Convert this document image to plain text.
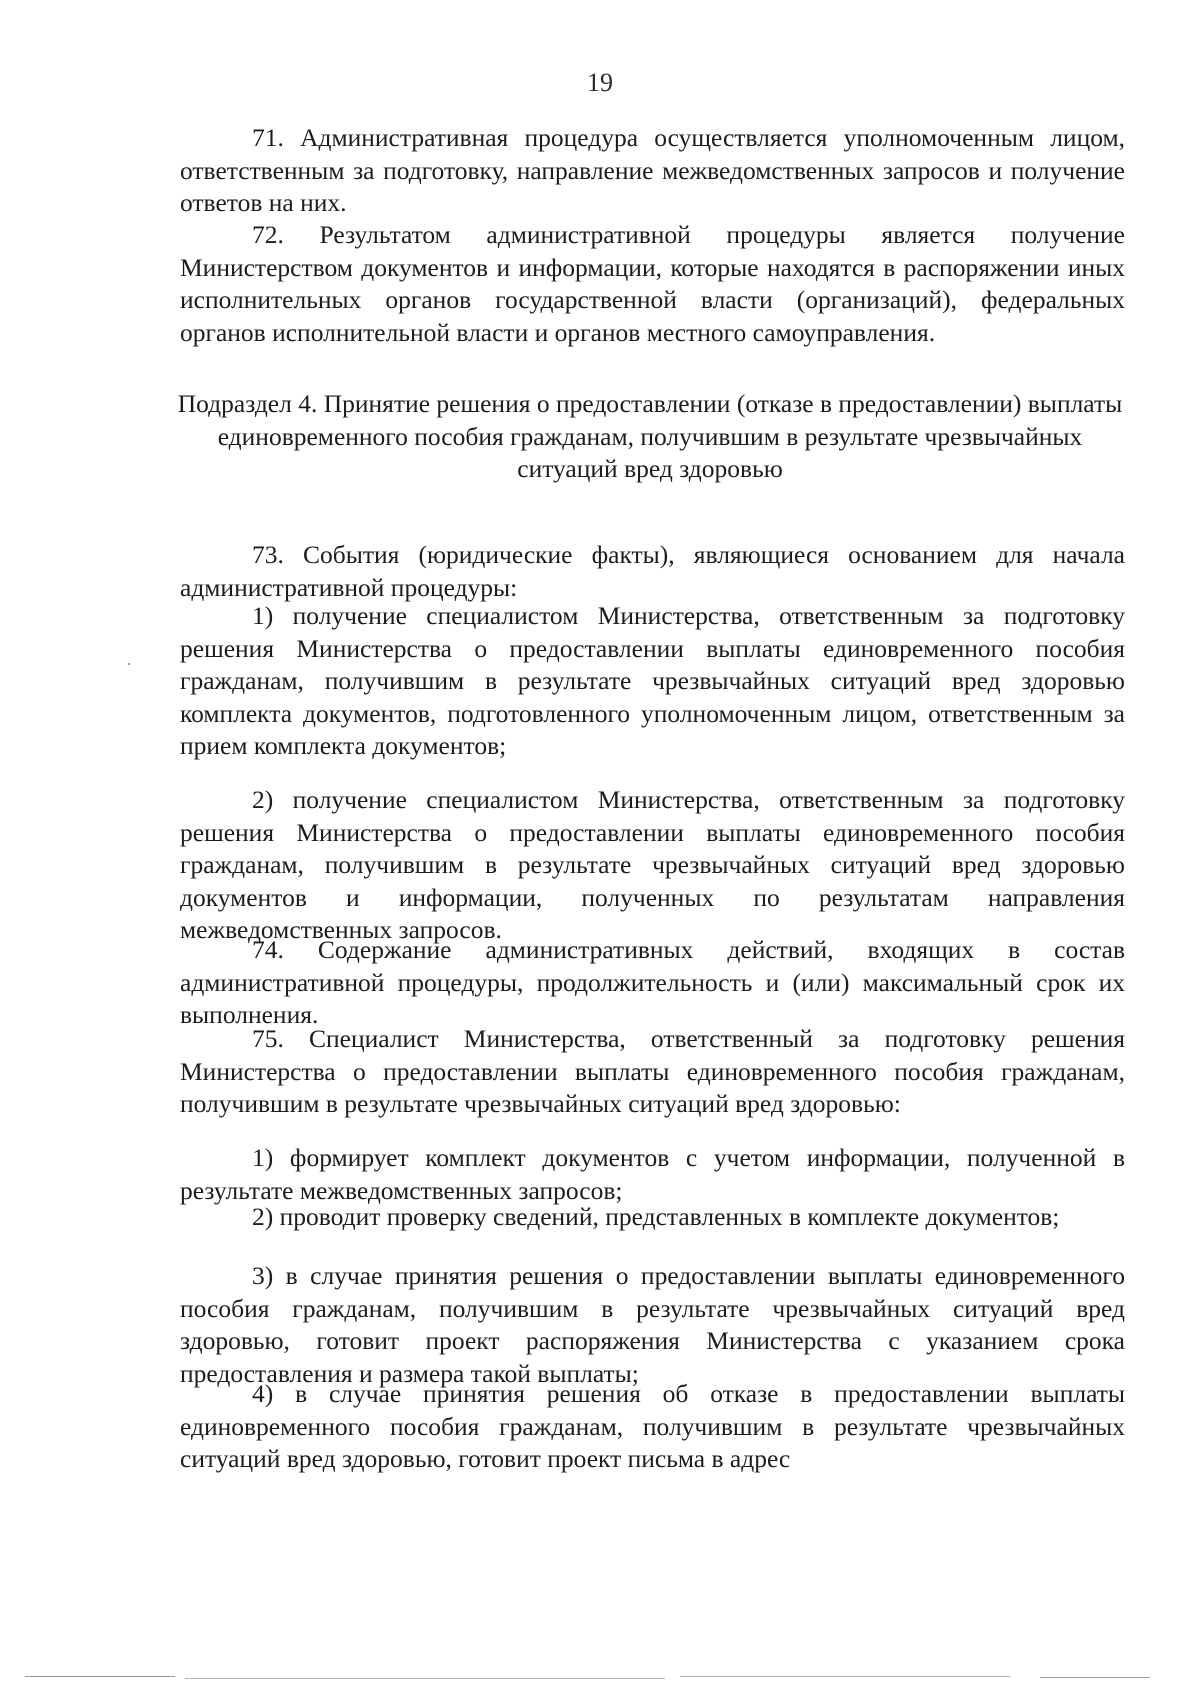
19

71. Административная процедура осуществляется уполномоченным лицом, ответственным за подготовку, направление межведомственных запросов и получение ответов на них.

72. Результатом административной процедуры является получение Министерством документов и информации, которые находятся в распоряжении иных исполнительных органов государственной власти (организаций), федеральных органов исполнительной власти и органов местного самоуправления.

Подраздел 4. Принятие решения о предоставлении (отказе в предоставлении) выплаты единовременного пособия гражданам, получившим в результате чрезвычайных ситуаций вред здоровью

73. События (юридические факты), являющиеся основанием для начала административной процедуры:

1) получение специалистом Министерства, ответственным за подготовку решения Министерства о предоставлении выплаты единовременного пособия гражданам, получившим в результате чрезвычайных ситуаций вред здоровью комплекта документов, подготовленного уполномоченным лицом, ответственным за прием комплекта документов;

2) получение специалистом Министерства, ответственным за подготовку решения Министерства о предоставлении выплаты единовременного пособия гражданам, получившим в результате чрезвычайных ситуаций вред здоровью документов и информации, полученных по результатам направления межведомственных запросов.

74. Содержание административных действий, входящих в состав административной процедуры, продолжительность и (или) максимальный срок их выполнения.

75. Специалист Министерства, ответственный за подготовку решения Министерства о предоставлении выплаты единовременного пособия гражданам, получившим в результате чрезвычайных ситуаций вред здоровью:

1) формирует комплект документов с учетом информации, полученной в результате межведомственных запросов;

2) проводит проверку сведений, представленных в комплекте документов;

3) в случае принятия решения о предоставлении выплаты единовременного пособия гражданам, получившим в результате чрезвычайных ситуаций вред здоровью, готовит проект распоряжения Министерства с указанием срока предоставления и размера такой выплаты;

4) в случае принятия решения об отказе в предоставлении выплаты единовременного пособия гражданам, получившим в результате чрезвычайных ситуаций вред здоровью, готовит проект письма в адрес
